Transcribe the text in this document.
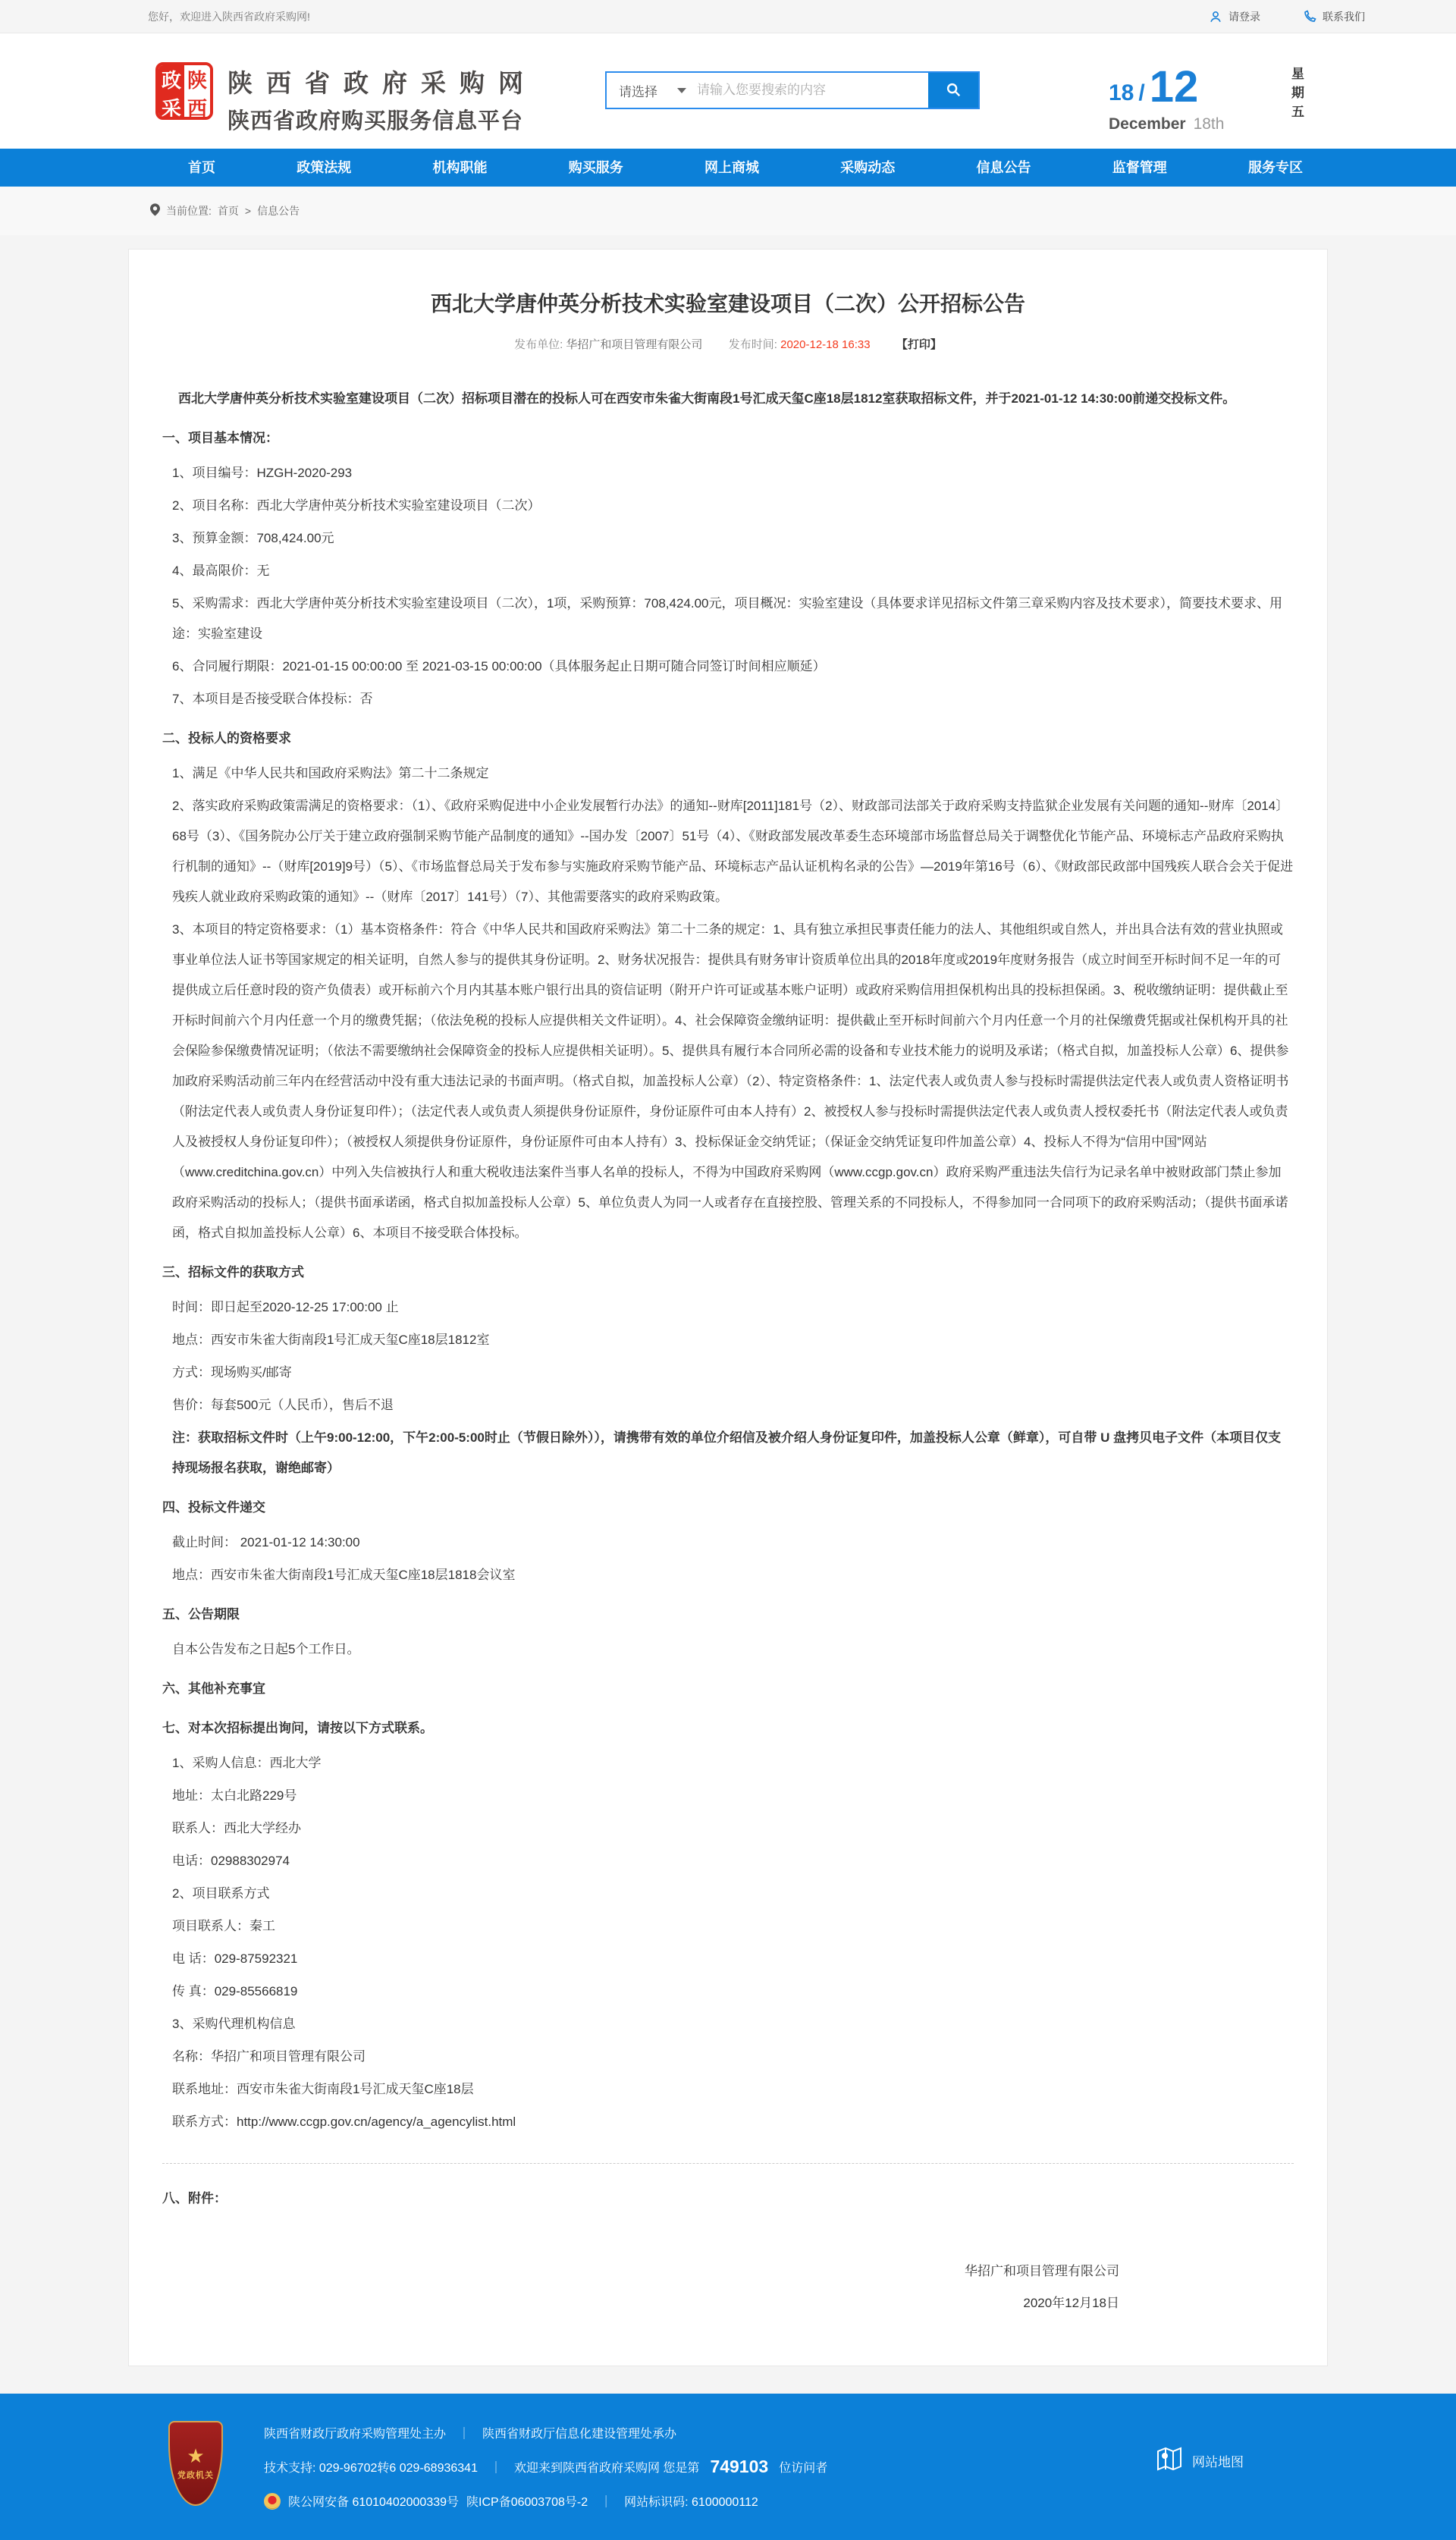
您好，欢迎进入陕西省政府采购网!	请登录	联系我们
政 陕
采 西
陕西省政府采购网
陕西省政府购买服务信息平台
请选择
请输入您要搜索的内容	18 / 12
December 18th
星期五
首页	政策法规	机构职能	购买服务	网上商城	采购动态	信息公告	监督管理	服务专区
当前位置: 首页 > 信息公告
西北大学唐仲英分析技术实验室建设项目（二次）公开招标公告
发布单位: 华招广和项目管理有限公司 发布时间: 2020-12-18 16:33 【打印】

西北大学唐仲英分析技术实验室建设项目（二次）招标项目潜在的投标人可在西安市朱雀大街南段1号汇成天玺C座18层1812室获取招标文件，并于2021-01-12 14:30:00前递交投标文件。

一、项目基本情况：

1、项目编号：HZGH-2020-293

2、项目名称：西北大学唐仲英分析技术实验室建设项目（二次）

3、预算金额：708,424.00元

4、最高限价：无

5、采购需求：西北大学唐仲英分析技术实验室建设项目（二次），1项，采购预算：708,424.00元，项目概况：实验室建设（具体要求详见招标文件第三章采购内容及技术要求），简要技术要求、用途：实验室建设

6、合同履行期限：2021-01-15 00:00:00 至 2021-03-15 00:00:00（具体服务起止日期可随合同签订时间相应顺延）

7、本项目是否接受联合体投标：否

二、投标人的资格要求

1、满足《中华人民共和国政府采购法》第二十二条规定

2、落实政府采购政策需满足的资格要求：（1）、《政府采购促进中小企业发展暂行办法》的通知--财库[2011]181号（2）、财政部司法部关于政府采购支持监狱企业发展有关问题的通知--财库〔2014〕68号（3）、《国务院办公厅关于建立政府强制采购节能产品制度的通知》--国办发〔2007〕51号（4）、《财政部发展改革委生态环境部市场监督总局关于调整优化节能产品、环境标志产品政府采购执行机制的通知》--（财库[2019]9号）（5）、《市场监督总局关于发布参与实施政府采购节能产品、环境标志产品认证机构名录的公告》—2019年第16号（6）、《财政部民政部中国残疾人联合会关于促进残疾人就业政府采购政策的通知》--（财库〔2017〕141号）（7）、其他需要落实的政府采购政策。

3、本项目的特定资格要求：（1）基本资格条件：符合《中华人民共和国政府采购法》第二十二条的规定：1、具有独立承担民事责任能力的法人、其他组织或自然人，并出具合法有效的营业执照或事业单位法人证书等国家规定的相关证明，自然人参与的提供其身份证明。2、财务状况报告：提供具有财务审计资质单位出具的2018年度或2019年度财务报告（成立时间至开标时间不足一年的可提供成立后任意时段的资产负债表）或开标前六个月内其基本账户银行出具的资信证明（附开户许可证或基本账户证明）或政府采购信用担保机构出具的投标担保函。3、税收缴纳证明：提供截止至开标时间前六个月内任意一个月的缴费凭据；（依法免税的投标人应提供相关文件证明）。4、社会保障资金缴纳证明：提供截止至开标时间前六个月内任意一个月的社保缴费凭据或社保机构开具的社会保险参保缴费情况证明；（依法不需要缴纳社会保障资金的投标人应提供相关证明）。5、提供具有履行本合同所必需的设备和专业技术能力的说明及承诺；（格式自拟，加盖投标人公章）6、提供参加政府采购活动前三年内在经营活动中没有重大违法记录的书面声明。（格式自拟，加盖投标人公章）（2）、特定资格条件：1、法定代表人或负责人参与投标时需提供法定代表人或负责人资格证明书（附法定代表人或负责人身份证复印件）；（法定代表人或负责人须提供身份证原件，身份证原件可由本人持有）2、被授权人参与投标时需提供法定代表人或负责人授权委托书（附法定代表人或负责人及被授权人身份证复印件）；（被授权人须提供身份证原件，身份证原件可由本人持有）3、投标保证金交纳凭证；（保证金交纳凭证复印件加盖公章）4、投标人不得为“信用中国”网站（www.creditchina.gov.cn）中列入失信被执行人和重大税收违法案件当事人名单的投标人，不得为中国政府采购网（www.ccgp.gov.cn）政府采购严重违法失信行为记录名单中被财政部门禁止参加政府采购活动的投标人；（提供书面承诺函，格式自拟加盖投标人公章）5、单位负责人为同一人或者存在直接控股、管理关系的不同投标人，不得参加同一合同项下的政府采购活动；（提供书面承诺函，格式自拟加盖投标人公章）6、本项目不接受联合体投标。

三、招标文件的获取方式

时间：即日起至2020-12-25 17:00:00 止

地点：西安市朱雀大街南段1号汇成天玺C座18层1812室

方式：现场购买/邮寄

售价：每套500元（人民币），售后不退

注：获取招标文件时（上午9:00-12:00，下午2:00-5:00时止（节假日除外）），请携带有效的单位介绍信及被介绍人身份证复印件，加盖投标人公章（鲜章），可自带 U 盘拷贝电子文件（本项目仅支持现场报名获取，谢绝邮寄）

四、投标文件递交

截止时间： 2021-01-12 14:30:00

地点：西安市朱雀大街南段1号汇成天玺C座18层1818会议室

五、公告期限

自本公告发布之日起5个工作日。

六、其他补充事宜
七、对本次招标提出询问，请按以下方式联系。

1、采购人信息：西北大学

地址：太白北路229号

联系人：西北大学经办

电话：02988302974

2、项目联系方式

项目联系人：秦工

电 话：029-87592321

传 真：029-85566819

3、采购代理机构信息

名称：华招广和项目管理有限公司

联系地址：西安市朱雀大街南段1号汇成天玺C座18层

联系方式：http://www.ccgp.gov.cn/agency/a_agencylist.html

八、附件：
华招广和项目管理有限公司
2020年12月18日
★
党政机关
陕西省财政厅政府采购管理处主办	｜	陕西省财政厅信息化建设管理处承办
技术支持: 029-96702转6 029-68936341	｜	欢迎来到陕西省政府采购网 您是第 749103 位访问者
陕公网安备 61010402000339号 陕ICP备06003708号-2	｜	网站标识码: 6100000112
网站地图
